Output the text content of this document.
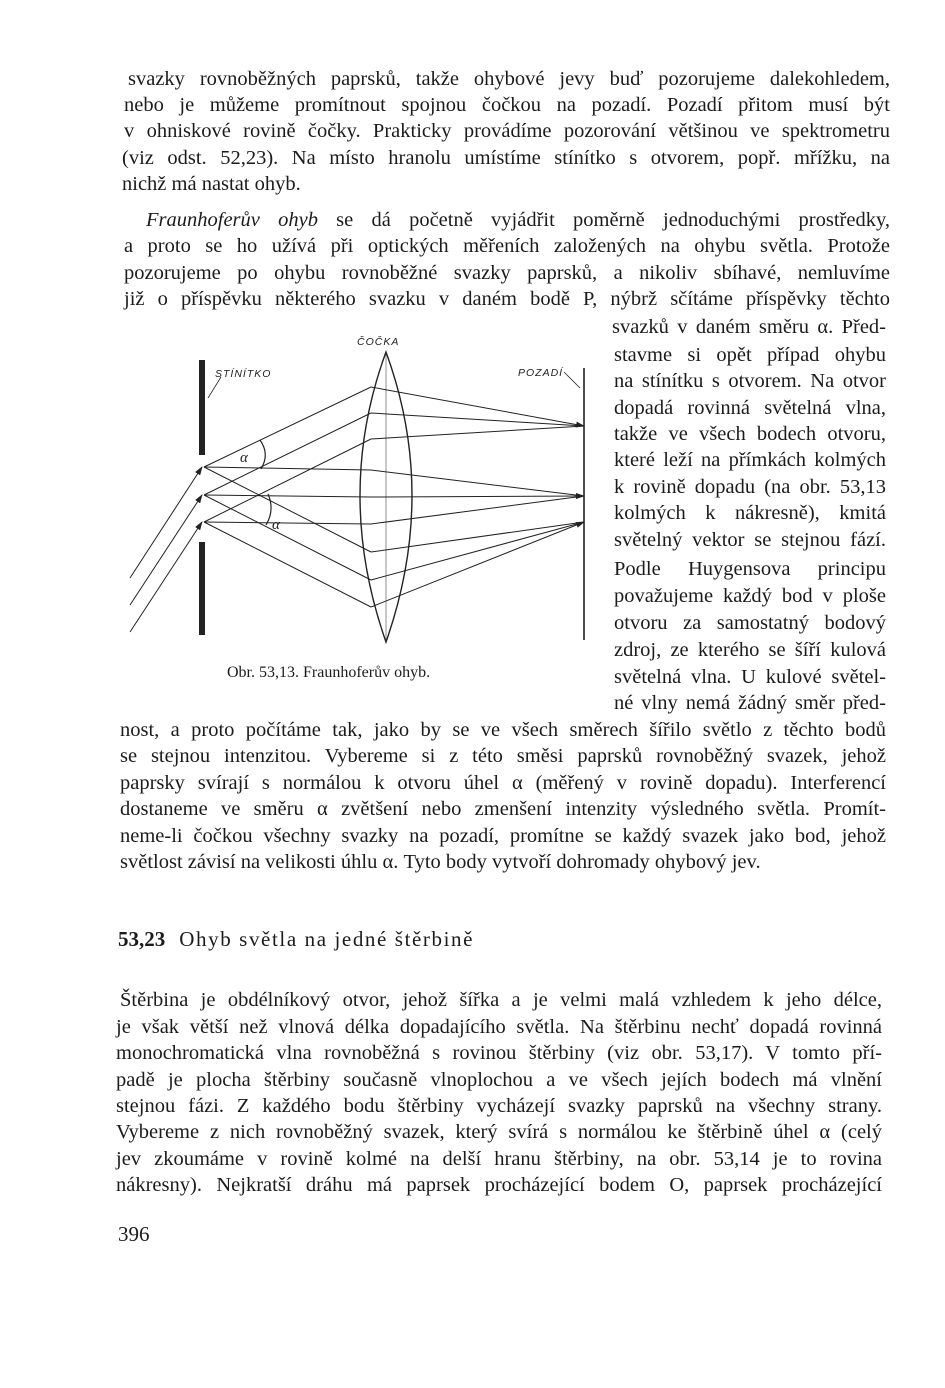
svazky rovnoběžných paprsků, takže ohybové jevy buď pozorujeme dalekohledem,
nebo je můžeme promítnout spojnou čočkou na pozadí. Pozadí přitom musí být
v ohniskové rovině čočky. Prakticky provádíme pozorování většinou ve spektrometru
(viz odst. 52,23). Na místo hranolu umístíme stínítko s otvorem, popř. mřížku, na
nichž má nastat ohyb.
Fraunhoferův ohyb se dá početně vyjádřit poměrně jednoduchými prostředky,
a proto se ho užívá při optických měřeních založených na ohybu světla. Protože
pozorujeme po ohybu rovnoběžné svazky paprsků, a nikoliv sbíhavé, nemluvíme
již o příspěvku některého svazku v daném bodě P, nýbrž sčítáme příspěvky těchto
svazků v daném směru α. Před-
stavme si opět případ ohybu
na stínítku s otvorem. Na otvor
dopadá rovinná světelná vlna,
takže ve všech bodech otvoru,
které leží na přímkách kolmých
k rovině dopadu (na obr. 53,13
kolmých k nákresně), kmitá
světelný vektor se stejnou fází.
Podle Huygensova principu
považujeme každý bod v ploše
otvoru za samostatný bodový
zdroj, ze kterého se šíří kulová
světelná vlna. U kulové světel-
né vlny nemá žádný směr před-
ČOČKA
STÍNÍTKO	POZADÍ
α
α
Obr. 53,13. Fraunhoferův ohyb.
nost, a proto počítáme tak, jako by se ve všech směrech šířilo světlo z těchto bodů
se stejnou intenzitou. Vybereme si z této směsi paprsků rovnoběžný svazek, jehož
paprsky svírají s normálou k otvoru úhel α (měřený v rovině dopadu). Interferencí
dostaneme ve směru α zvětšení nebo zmenšení intenzity výsledného světla. Promít-
neme-li čočkou všechny svazky na pozadí, promítne se každý svazek jako bod, jehož
světlost závisí na velikosti úhlu α. Tyto body vytvoří dohromady ohybový jev.
53,23 Ohyb světla na jedné štěrbině
Štěrbina je obdélníkový otvor, jehož šířka a je velmi malá vzhledem k jeho délce,
je však větší než vlnová délka dopadajícího světla. Na štěrbinu nechť dopadá rovinná
monochromatická vlna rovnoběžná s rovinou štěrbiny (viz obr. 53,17). V tomto pří-
padě je plocha štěrbiny současně vlnoplochou a ve všech jejích bodech má vlnění
stejnou fázi. Z každého bodu štěrbiny vycházejí svazky paprsků na všechny strany.
Vybereme z nich rovnoběžný svazek, který svírá s normálou ke štěrbině úhel α (celý
jev zkoumáme v rovině kolmé na delší hranu štěrbiny, na obr. 53,14 je to rovina
nákresny). Nejkratší dráhu má paprsek procházející bodem O, paprsek procházející
396
